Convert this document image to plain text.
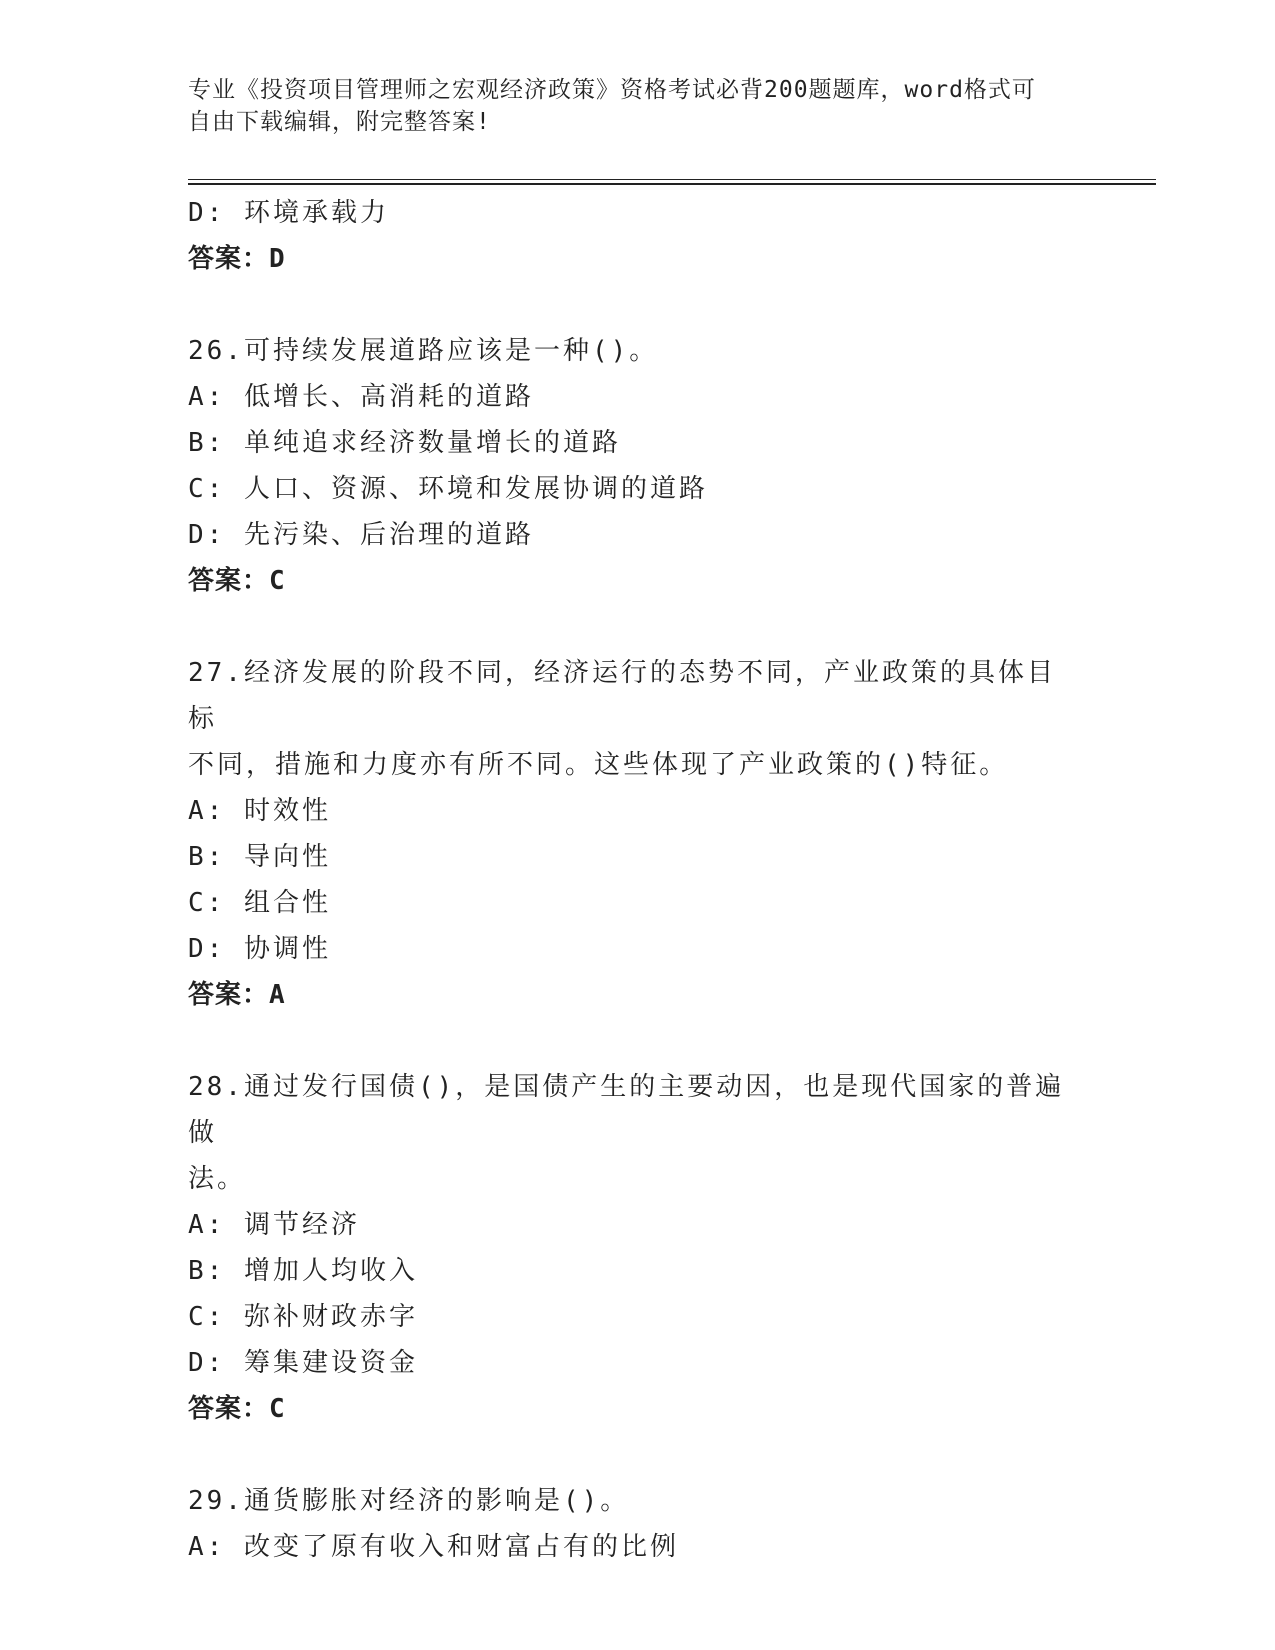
专业《投资项目管理师之宏观经济政策》资格考试必背200题题库，word格式可
自由下载编辑，附完整答案!
D: 环境承载力
答案：D
26.可持续发展道路应该是一种()。
A: 低增长、高消耗的道路
B: 单纯追求经济数量增长的道路
C: 人口、资源、环境和发展协调的道路
D: 先污染、后治理的道路
答案：C
27.经济发展的阶段不同，经济运行的态势不同，产业政策的具体目标
不同，措施和力度亦有所不同。这些体现了产业政策的()特征。
A: 时效性
B: 导向性
C: 组合性
D: 协调性
答案：A
28.通过发行国债()，是国债产生的主要动因，也是现代国家的普遍做
法。
A: 调节经济
B: 增加人均收入
C: 弥补财政赤字
D: 筹集建设资金
答案：C
29.通货膨胀对经济的影响是()。
A: 改变了原有收入和财富占有的比例
